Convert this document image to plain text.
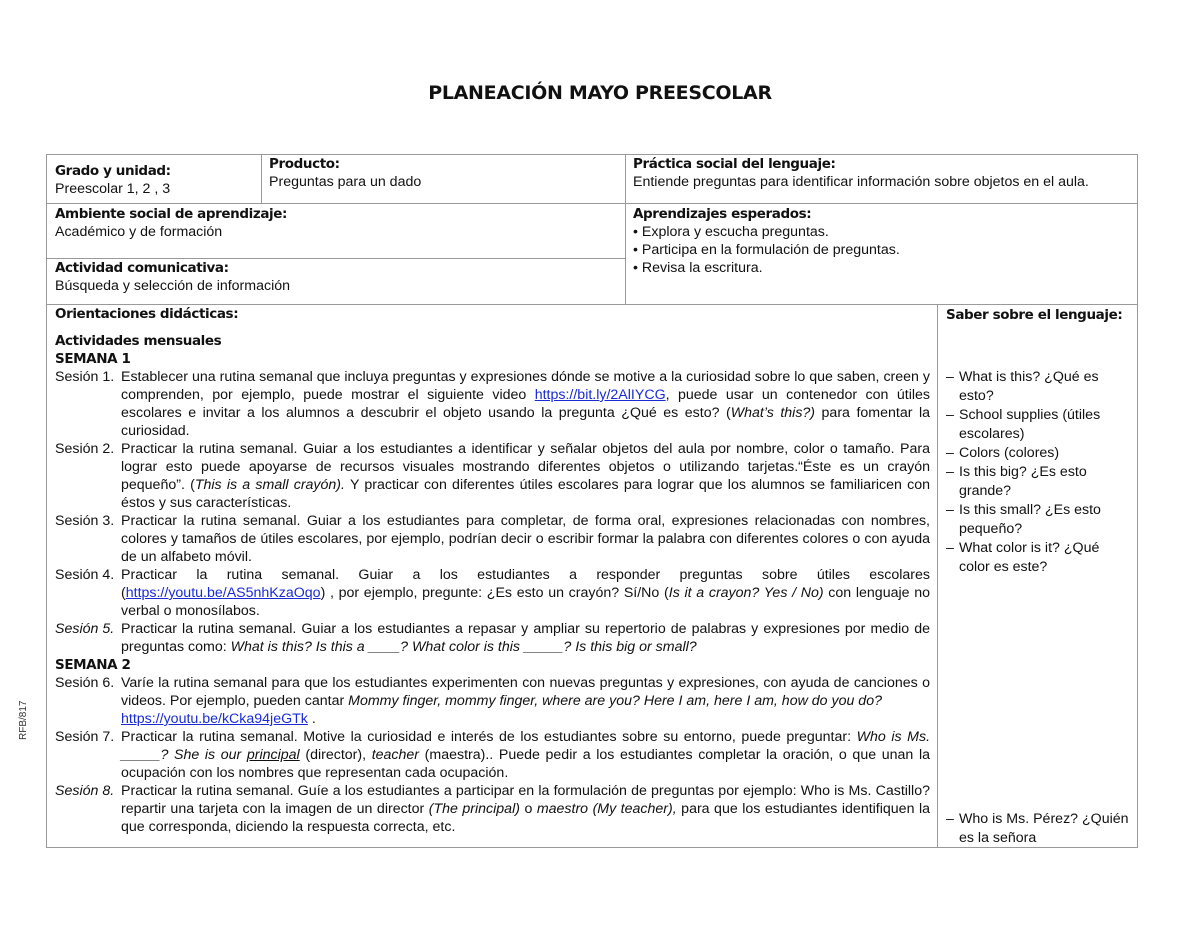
PLANEACIÓN MAYO PREESCOLAR
RFB/817
Grado y unidad:
Preescolar 1, 2 , 3
Producto:
Preguntas para un dado
Práctica social del lenguaje:
Entiende preguntas para identificar información sobre objetos en el aula.
Ambiente social de aprendizaje:
Académico y de formación
Actividad comunicativa:
Búsqueda y selección de información
Aprendizajes esperados:
• Explora y escucha preguntas.
• Participa en la formulación de preguntas.
• Revisa la escritura.
Orientaciones didácticas:
Actividades mensuales
SEMANA 1
Sesión 1. Establecer una rutina semanal que incluya preguntas y expresiones dónde se motive a la curiosidad sobre lo que saben, creen y comprenden, por ejemplo, puede mostrar el siguiente video https://bit.ly/2AlIYCG, puede usar un contenedor con útiles escolares e invitar a los alumnos a descubrir el objeto usando la pregunta ¿Qué es esto? (What’s this?) para fomentar la curiosidad.
Sesión 2. Practicar la rutina semanal. Guiar a los estudiantes a identificar y señalar objetos del aula por nombre, color o tamaño. Para lograr esto puede apoyarse de recursos visuales mostrando diferentes objetos o utilizando tarjetas.“Éste es un crayón pequeño”. (This is a small crayón). Y practicar con diferentes útiles escolares para lograr que los alumnos se familiaricen con éstos y sus características.
Sesión 3. Practicar la rutina semanal. Guiar a los estudiantes para completar, de forma oral, expresiones relacionadas con nombres, colores y tamaños de útiles escolares, por ejemplo, podrían decir o escribir formar la palabra con diferentes colores o con ayuda de un alfabeto móvil.
Sesión 4. Practicar la rutina semanal. Guiar a los estudiantes a responder preguntas sobre útiles escolares (https://youtu.be/AS5nhKzaOqo) , por ejemplo, pregunte: ¿Es esto un crayón? Sí/No (Is it a crayon? Yes / No) con lenguaje no verbal o monosílabos.
Sesión 5. Practicar la rutina semanal. Guiar a los estudiantes a repasar y ampliar su repertorio de palabras y expresiones por medio de preguntas como: What is this? Is this a ____? What color is this _____? Is this big or small?
SEMANA 2
Sesión 6. Varíe la rutina semanal para que los estudiantes experimenten con nuevas preguntas y expresiones, con ayuda de canciones o videos. Por ejemplo, pueden cantar Mommy finger, mommy finger, where are you? Here I am, here I am, how do you do?
https://youtu.be/kCka94jeGTk .
Sesión 7. Practicar la rutina semanal. Motive la curiosidad e interés de los estudiantes sobre su entorno, puede preguntar: Who is Ms. _____? She is our principal (director), teacher (maestra).. Puede pedir a los estudiantes completar la oración, o que unan la ocupación con los nombres que representan cada ocupación.
Sesión 8. Practicar la rutina semanal. Guíe a los estudiantes a participar en la formulación de preguntas por ejemplo: Who is Ms. Castillo? repartir una tarjeta con la imagen de un director (The principal) o maestro (My teacher), para que los estudiantes identifiquen la que corresponda, diciendo la respuesta correcta, etc.
Saber sobre el lenguaje:
– What is this? ¿Qué es esto?
– School supplies (útiles escolares)
– Colors (colores)
– Is this big? ¿Es esto grande?
– Is this small? ¿Es esto pequeño?
– What color is it? ¿Qué color es este?
– Who is Ms. Pérez? ¿Quién es la señora
